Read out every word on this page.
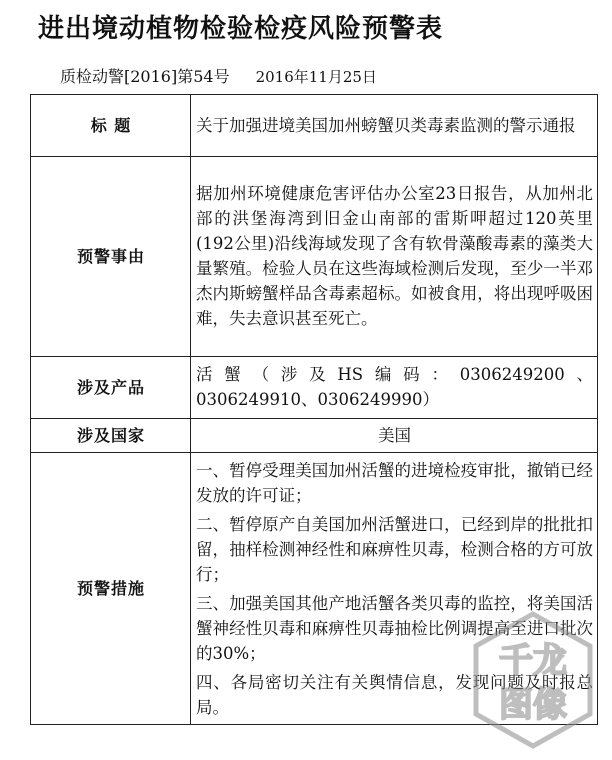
进出境动植物检验检疫风险预警表
质检动警[2016]第54号 2016年11月25日
标 题	关于加强进境美国加州螃蟹贝类毒素监测的警示通报
预警事由	据加州环境健康危害评估办公室23日报告，从加州北部的洪堡海湾到旧金山南部的雷斯呷超过120英里(192公里)沿线海域发现了含有软骨藻酸毒素的藻类大量繁殖。检验人员在这些海域检测后发现，至少一半邓杰内斯螃蟹样品含毒素超标。如被食用，将出现呼吸困难，失去意识甚至死亡。
涉及产品	活蟹（涉及HS编码：0306249200、0306249910、0306249990）
涉及国家	美国
预警措施	一、暂停受理美国加州活蟹的进境检疫审批，撤销已经发放的许可证；
二、暂停原产自美国加州活蟹进口，已经到岸的批批扣留，抽样检测神经性和麻痹性贝毒，检测合格的方可放行；
三、加强美国其他产地活蟹各类贝毒的监控，将美国活蟹神经性贝毒和麻痹性贝毒抽检比例调提高至进口批次的30%；
四、各局密切关注有关舆情信息，发现问题及时报总局。
千龙
图像
